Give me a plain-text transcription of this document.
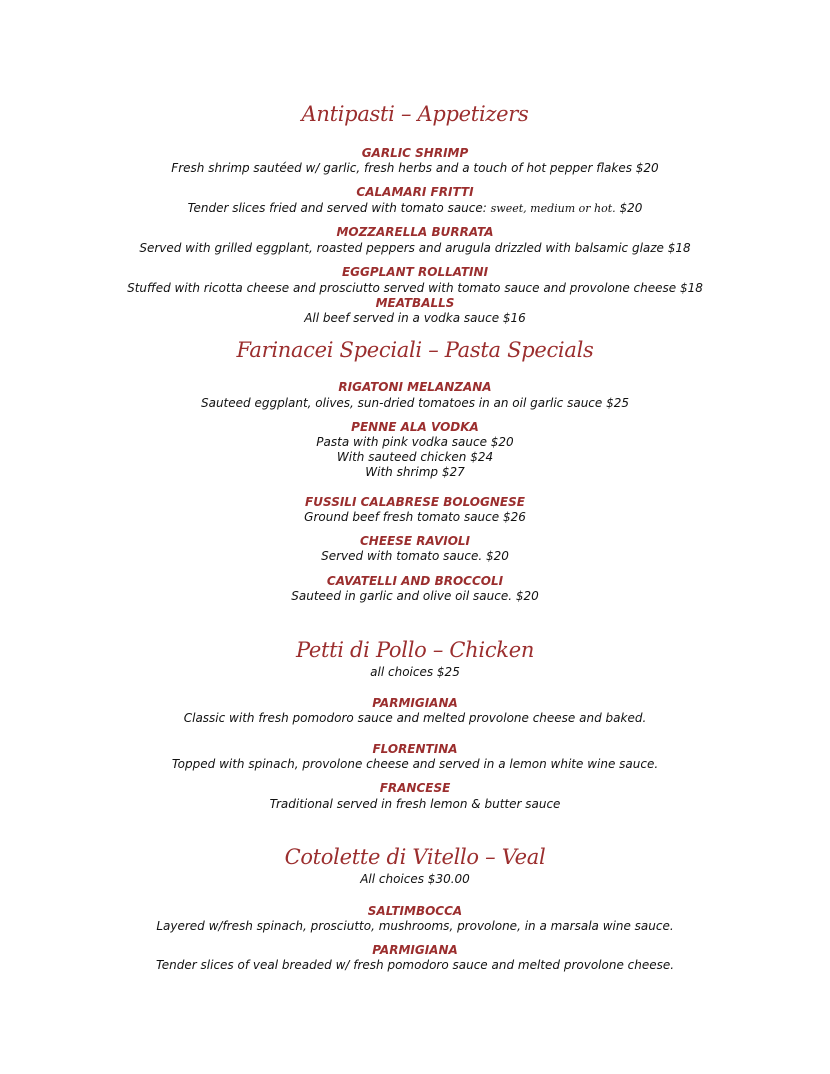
Antipasti – Appetizers
GARLIC SHRIMP
Fresh shrimp sautéed w/ garlic, fresh herbs and a touch of hot pepper flakes $20
CALAMARI FRITTI
Tender slices fried and served with tomato sauce: sweet, medium or hot. $20
MOZZARELLA BURRATA
Served with grilled eggplant, roasted peppers and arugula drizzled with balsamic glaze $18
EGGPLANT ROLLATINI
Stuffed with ricotta cheese and prosciutto served with tomato sauce and provolone cheese $18
MEATBALLS
All beef served in a vodka sauce $16
Farinacei Speciali – Pasta Specials
RIGATONI MELANZANA
Sauteed eggplant, olives, sun-dried tomatoes in an oil garlic sauce $25
PENNE ALA VODKA
Pasta with pink vodka sauce $20
With sauteed chicken $24
With shrimp $27
FUSSILI CALABRESE BOLOGNESE
Ground beef fresh tomato sauce $26
CHEESE RAVIOLI
Served with tomato sauce. $20
CAVATELLI AND BROCCOLI
Sauteed in garlic and olive oil sauce. $20
Petti di Pollo – Chicken
all choices $25
PARMIGIANA
Classic with fresh pomodoro sauce and melted provolone cheese and baked.
FLORENTINA
Topped with spinach, provolone cheese and served in a lemon white wine sauce.
FRANCESE
Traditional served in fresh lemon & butter sauce
Cotolette di Vitello – Veal
All choices $30.00
SALTIMBOCCA
Layered w/fresh spinach, prosciutto, mushrooms, provolone, in a marsala wine sauce.
PARMIGIANA
Tender slices of veal breaded w/ fresh pomodoro sauce and melted provolone cheese.
